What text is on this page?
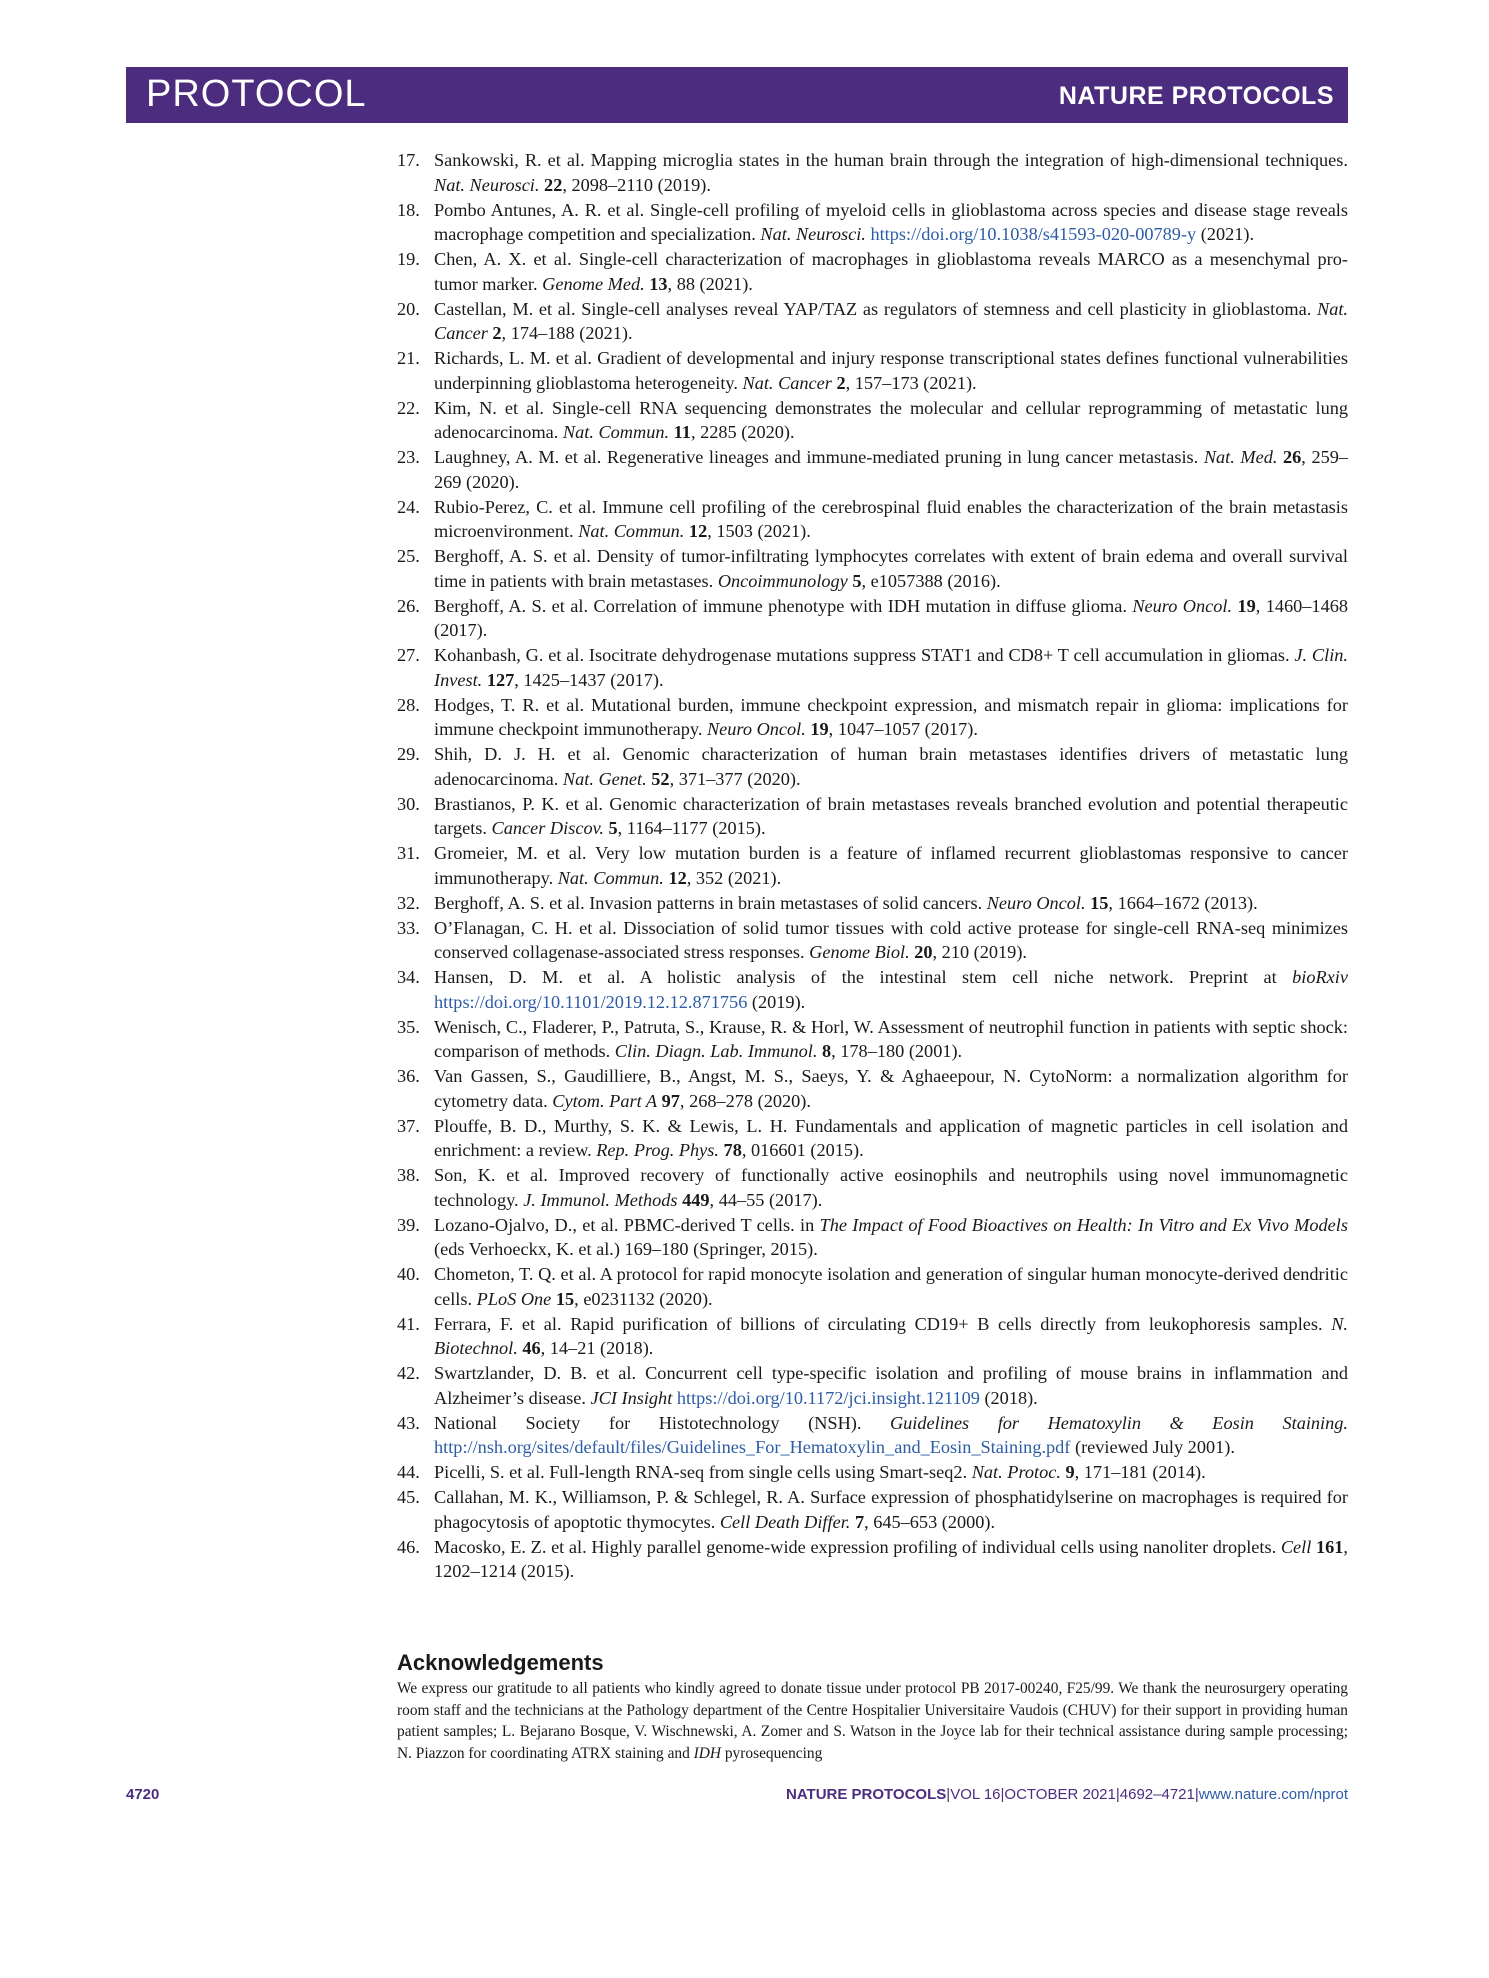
PROTOCOL	NATURE PROTOCOLS
17. Sankowski, R. et al. Mapping microglia states in the human brain through the integration of high-dimensional techniques. Nat. Neurosci. 22, 2098–2110 (2019).
18. Pombo Antunes, A. R. et al. Single-cell profiling of myeloid cells in glioblastoma across species and disease stage reveals macrophage competition and specialization. Nat. Neurosci. https://doi.org/10.1038/s41593-020-00789-y (2021).
19. Chen, A. X. et al. Single-cell characterization of macrophages in glioblastoma reveals MARCO as a mesenchymal pro-tumor marker. Genome Med. 13, 88 (2021).
20. Castellan, M. et al. Single-cell analyses reveal YAP/TAZ as regulators of stemness and cell plasticity in glioblastoma. Nat. Cancer 2, 174–188 (2021).
21. Richards, L. M. et al. Gradient of developmental and injury response transcriptional states defines functional vulnerabilities underpinning glioblastoma heterogeneity. Nat. Cancer 2, 157–173 (2021).
22. Kim, N. et al. Single-cell RNA sequencing demonstrates the molecular and cellular reprogramming of metastatic lung adenocarcinoma. Nat. Commun. 11, 2285 (2020).
23. Laughney, A. M. et al. Regenerative lineages and immune-mediated pruning in lung cancer metastasis. Nat. Med. 26, 259–269 (2020).
24. Rubio-Perez, C. et al. Immune cell profiling of the cerebrospinal fluid enables the characterization of the brain metastasis microenvironment. Nat. Commun. 12, 1503 (2021).
25. Berghoff, A. S. et al. Density of tumor-infiltrating lymphocytes correlates with extent of brain edema and overall survival time in patients with brain metastases. Oncoimmunology 5, e1057388 (2016).
26. Berghoff, A. S. et al. Correlation of immune phenotype with IDH mutation in diffuse glioma. Neuro Oncol. 19, 1460–1468 (2017).
27. Kohanbash, G. et al. Isocitrate dehydrogenase mutations suppress STAT1 and CD8+ T cell accumulation in gliomas. J. Clin. Invest. 127, 1425–1437 (2017).
28. Hodges, T. R. et al. Mutational burden, immune checkpoint expression, and mismatch repair in glioma: implications for immune checkpoint immunotherapy. Neuro Oncol. 19, 1047–1057 (2017).
29. Shih, D. J. H. et al. Genomic characterization of human brain metastases identifies drivers of metastatic lung adenocarcinoma. Nat. Genet. 52, 371–377 (2020).
30. Brastianos, P. K. et al. Genomic characterization of brain metastases reveals branched evolution and potential therapeutic targets. Cancer Discov. 5, 1164–1177 (2015).
31. Gromeier, M. et al. Very low mutation burden is a feature of inflamed recurrent glioblastomas responsive to cancer immunotherapy. Nat. Commun. 12, 352 (2021).
32. Berghoff, A. S. et al. Invasion patterns in brain metastases of solid cancers. Neuro Oncol. 15, 1664–1672 (2013).
33. O’Flanagan, C. H. et al. Dissociation of solid tumor tissues with cold active protease for single-cell RNA-seq minimizes conserved collagenase-associated stress responses. Genome Biol. 20, 210 (2019).
34. Hansen, D. M. et al. A holistic analysis of the intestinal stem cell niche network. Preprint at bioRxiv https://doi.org/10.1101/2019.12.12.871756 (2019).
35. Wenisch, C., Fladerer, P., Patruta, S., Krause, R. & Horl, W. Assessment of neutrophil function in patients with septic shock: comparison of methods. Clin. Diagn. Lab. Immunol. 8, 178–180 (2001).
36. Van Gassen, S., Gaudilliere, B., Angst, M. S., Saeys, Y. & Aghaeepour, N. CytoNorm: a normalization algorithm for cytometry data. Cytom. Part A 97, 268–278 (2020).
37. Plouffe, B. D., Murthy, S. K. & Lewis, L. H. Fundamentals and application of magnetic particles in cell isolation and enrichment: a review. Rep. Prog. Phys. 78, 016601 (2015).
38. Son, K. et al. Improved recovery of functionally active eosinophils and neutrophils using novel immunomagnetic technology. J. Immunol. Methods 449, 44–55 (2017).
39. Lozano-Ojalvo, D., et al. PBMC-derived T cells. in The Impact of Food Bioactives on Health: In Vitro and Ex Vivo Models (eds Verhoeckx, K. et al.) 169–180 (Springer, 2015).
40. Chometon, T. Q. et al. A protocol for rapid monocyte isolation and generation of singular human monocyte-derived dendritic cells. PLoS One 15, e0231132 (2020).
41. Ferrara, F. et al. Rapid purification of billions of circulating CD19+ B cells directly from leukophoresis samples. N. Biotechnol. 46, 14–21 (2018).
42. Swartzlander, D. B. et al. Concurrent cell type-specific isolation and profiling of mouse brains in inflammation and Alzheimer’s disease. JCI Insight https://doi.org/10.1172/jci.insight.121109 (2018).
43. National Society for Histotechnology (NSH). Guidelines for Hematoxylin & Eosin Staining. http://nsh.org/sites/default/files/Guidelines_For_Hematoxylin_and_Eosin_Staining.pdf (reviewed July 2001).
44. Picelli, S. et al. Full-length RNA-seq from single cells using Smart-seq2. Nat. Protoc. 9, 171–181 (2014).
45. Callahan, M. K., Williamson, P. & Schlegel, R. A. Surface expression of phosphatidylserine on macrophages is required for phagocytosis of apoptotic thymocytes. Cell Death Differ. 7, 645–653 (2000).
46. Macosko, E. Z. et al. Highly parallel genome-wide expression profiling of individual cells using nanoliter droplets. Cell 161, 1202–1214 (2015).
Acknowledgements
We express our gratitude to all patients who kindly agreed to donate tissue under protocol PB 2017-00240, F25/99. We thank the neurosurgery operating room staff and the technicians at the Pathology department of the Centre Hospitalier Universitaire Vaudois (CHUV) for their support in providing human patient samples; L. Bejarano Bosque, V. Wischnewski, A. Zomer and S. Watson in the Joyce lab for their technical assistance during sample processing; N. Piazzon for coordinating ATRX staining and IDH pyrosequencing
4720	NATURE PROTOCOLS|VOL 16|OCTOBER 2021|4692–4721|www.nature.com/nprot
